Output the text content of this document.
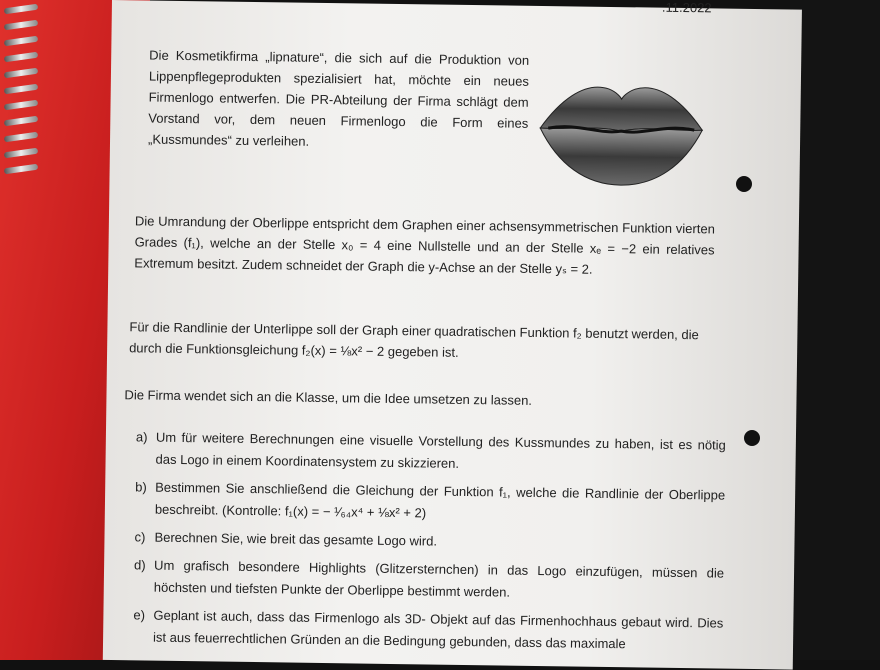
.11.2022
Die Kosmetikfirma „lipnature“, die sich auf die Produktion von Lippenpflegeprodukten spezialisiert hat, möchte ein neues Firmenlogo entwerfen. Die PR-Abteilung der Firma schlägt dem Vorstand vor, dem neuen Firmenlogo die Form eines „Kussmundes“ zu verleihen.
Die Umrandung der Oberlippe entspricht dem Graphen einer achsensymmetrischen Funktion vierten Grades (f₁), welche an der Stelle x₀ = 4 eine Nullstelle und an der Stelle xₑ = −2 ein relatives Extremum besitzt. Zudem schneidet der Graph die y-Achse an der Stelle yₛ = 2.
Für die Randlinie der Unterlippe soll der Graph einer quadratischen Funktion f₂ benutzt werden, die durch die Funktionsgleichung f₂(x) = ⅛x² − 2 gegeben ist.
Die Firma wendet sich an die Klasse, um die Idee umsetzen zu lassen.
a) Um für weitere Berechnungen eine visuelle Vorstellung des Kussmundes zu haben, ist es nötig das Logo in einem Koordinatensystem zu skizzieren.
b) Bestimmen Sie anschließend die Gleichung der Funktion f₁, welche die Randlinie der Oberlippe beschreibt. (Kontrolle: f₁(x) = − ¹⁄₆₄x⁴ + ⅛x² + 2)
c) Berechnen Sie, wie breit das gesamte Logo wird.
d) Um grafisch besondere Highlights (Glitzersternchen) in das Logo einzufügen, müssen die höchsten und tiefsten Punkte der Oberlippe bestimmt werden.
e) Geplant ist auch, dass das Firmenlogo als 3D- Objekt auf das Firmenhochhaus gebaut wird. Dies ist aus feuerrechtlichen Gründen an die Bedingung gebunden, dass das maximale
